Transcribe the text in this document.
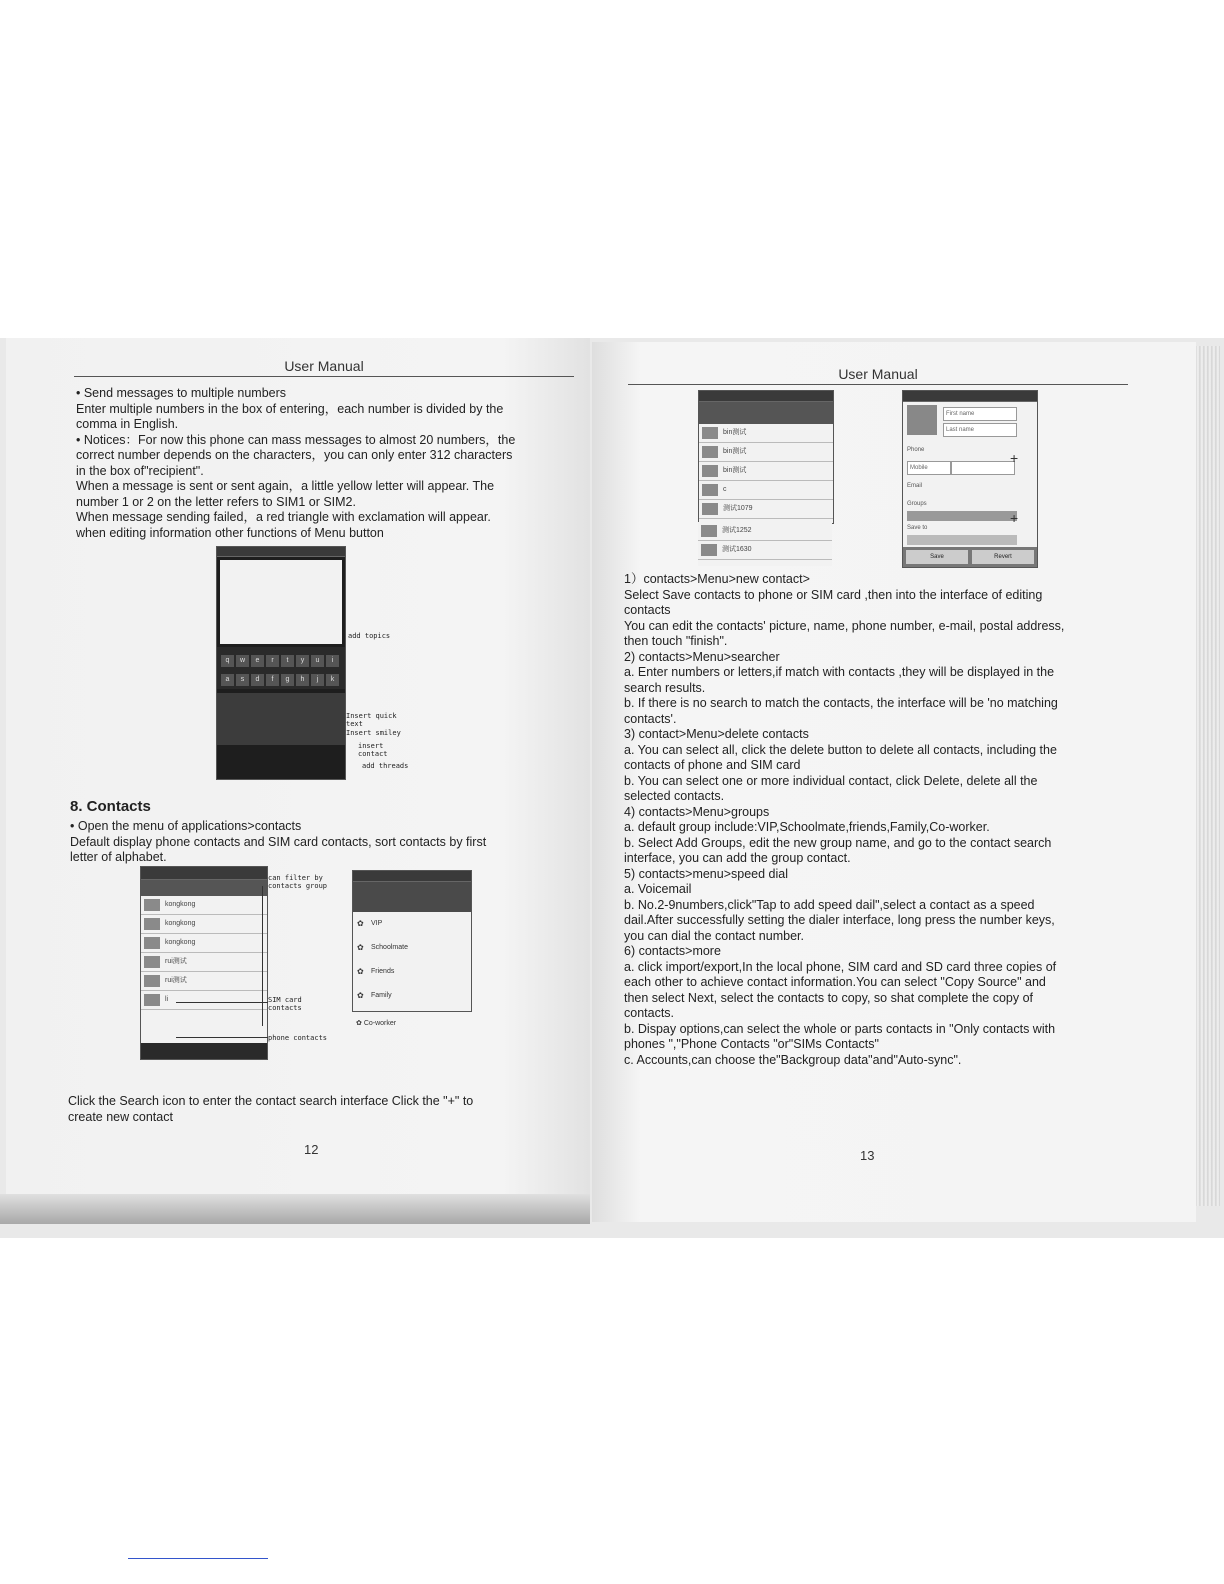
User Manual

• Send messages to multiple numbers

Enter multiple numbers in the box of entering，each number is divided by the

comma in English.

• Notices：For now this phone can mass messages to almost 20 numbers，the

correct number depends on the characters，you can only enter 312 characters

in the box of"recipient".

When a message is sent or sent again，a little yellow letter will appear. The

number 1 or 2 on the letter refers to SIM1 or SIM2.

When message sending failed，a red triangle with exclamation will appear.

when editing information other functions of Menu button

q w e r t y u i
a s d f g h j k
add topics
Insert quick text
Insert smiley
insert contact
add threads
8. Contacts

• Open the menu of applications>contacts

Default display phone contacts and SIM card contacts, sort contacts by first

letter of alphabet.

kongkong
kongkong
kongkong
rui测试
rui测试
li
can filter by contacts group
SIM card contacts
phone contacts
✿ VIP
✿ Schoolmate
✿ Friends
✿ Family
✿ Co-worker

Click the Search icon to enter the contact search interface Click the "+" to

create new contact

12
User Manual
bin测试
bin测试
bin测试
c
测试1079
测试1252
测试1630
First name
Last name
Phone
Mobile
Email
Groups
Save to
Save	Revert
+
+

1）contacts>Menu>new contact>

Select Save contacts to phone or SIM card ,then into the interface of editing

contacts

You can edit the contacts' picture, name, phone number, e-mail, postal address,

then touch "finish".

2) contacts>Menu>searcher

a. Enter numbers or letters,if match with contacts ,they will be displayed in the

search results.

b. If there is no search to match the contacts, the interface will be 'no matching

contacts'.

3) contact>Menu>delete contacts

a. You can select all, click the delete button to delete all contacts, including the

contacts of phone and SIM card

b. You can select one or more individual contact, click Delete, delete all the

selected contacts.

4) contacts>Menu>groups

a. default group include:VIP,Schoolmate,friends,Family,Co-worker.

b. Select Add Groups, edit the new group name, and go to the contact search

interface, you can add the group contact.

5) contacts>menu>speed dial

a. Voicemail

b. No.2-9numbers,click"Tap to add speed dail",select a contact as a speed

dail.After successfully setting the dialer interface, long press the number keys,

you can dial the contact number.

6) contacts>more

a. click import/export,In the local phone, SIM card and SD card three copies of

each other to achieve contact information.You can select "Copy Source" and

then select Next, select the contacts to copy, so shat complete the copy of

contacts.

b. Dispay options,can select the whole or parts contacts in "Only contacts with

phones ","Phone Contacts "or"SIMs Contacts"

c. Accounts,can choose the"Backgroup data"and"Auto-sync".

13
